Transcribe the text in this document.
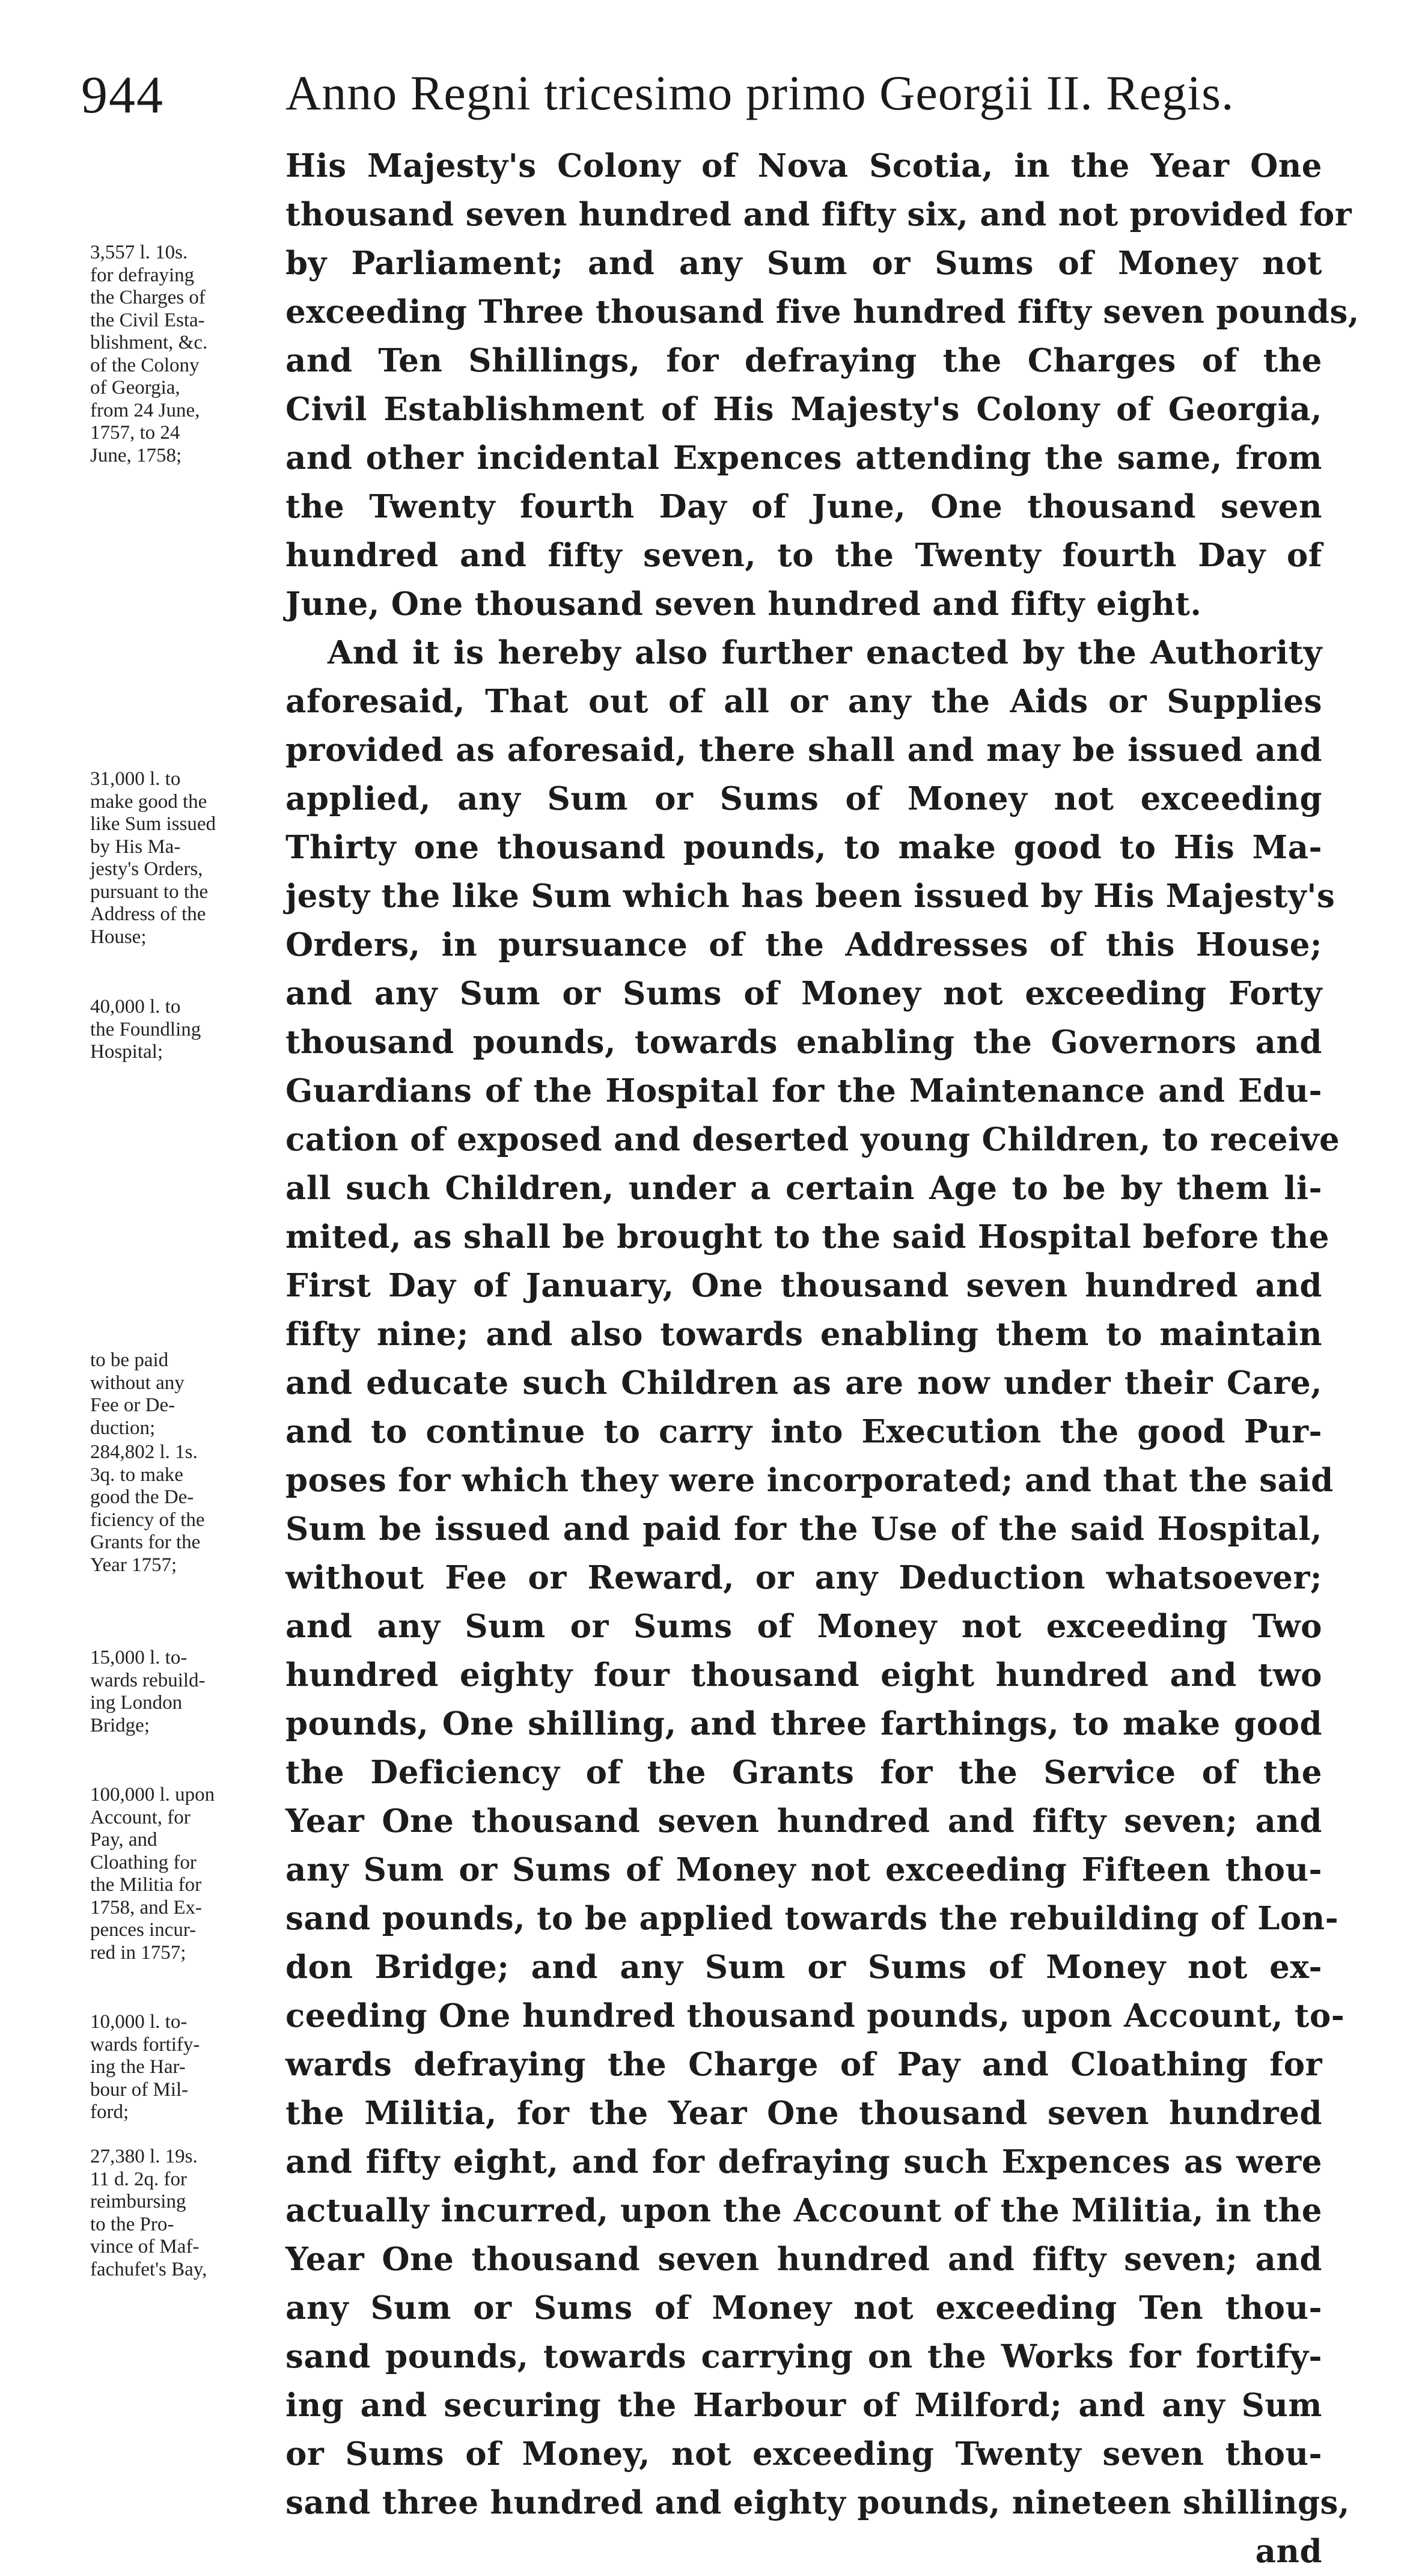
944 Anno Regni tricesimo primo Georgii II. Regis.
3,557 l. 10s.
for defraying
the Charges of
the Civil Esta-
blishment, &c.
of the Colony
of Georgia,
from 24 June,
1757, to 24
June, 1758;
31,000 l. to
make good the
like Sum issued
by His Ma-
jesty's Orders,
pursuant to the
Address of the
House;
40,000 l. to
the Foundling
Hospital;
to be paid
without any
Fee or De-
duction;
284,802 l. 1s.
3q. to make
good the De-
ficiency of the
Grants for the
Year 1757;
15,000 l. to-
wards rebuild-
ing London
Bridge;
100,000 l. upon
Account, for
Pay, and
Cloathing for
the Militia for
1758, and Ex-
pences incur-
red in 1757;
10,000 l. to-
wards fortify-
ing the Har-
bour of Mil-
ford;
27,380 l. 19s.
11 d. 2q. for
reimbursing
to the Pro-
vince of Maf-
fachufet's Bay,
His Majesty's Colony of Nova Scotia, in the Year One
thousand seven hundred and fifty six, and not provided for
by Parliament; and any Sum or Sums of Money not
exceeding Three thousand five hundred fifty seven pounds,
and Ten Shillings, for defraying the Charges of the
Civil Establishment of His Majesty's Colony of Georgia,
and other incidental Expences attending the same, from
the Twenty fourth Day of June, One thousand seven
hundred and fifty seven, to the Twenty fourth Day of
June, One thousand seven hundred and fifty eight.
And it is hereby also further enacted by the Authority
aforesaid, That out of all or any the Aids or Supplies
provided as aforesaid, there shall and may be issued and
applied, any Sum or Sums of Money not exceeding
Thirty one thousand pounds, to make good to His Ma-
jesty the like Sum which has been issued by His Majesty's
Orders, in pursuance of the Addresses of this House;
and any Sum or Sums of Money not exceeding Forty
thousand pounds, towards enabling the Governors and
Guardians of the Hospital for the Maintenance and Edu-
cation of exposed and deserted young Children, to receive
all such Children, under a certain Age to be by them li-
mited, as shall be brought to the said Hospital before the
First Day of January, One thousand seven hundred and
fifty nine; and also towards enabling them to maintain
and educate such Children as are now under their Care,
and to continue to carry into Execution the good Pur-
poses for which they were incorporated; and that the said
Sum be issued and paid for the Use of the said Hospital,
without Fee or Reward, or any Deduction whatsoever;
and any Sum or Sums of Money not exceeding Two
hundred eighty four thousand eight hundred and two
pounds, One shilling, and three farthings, to make good
the Deficiency of the Grants for the Service of the
Year One thousand seven hundred and fifty seven; and
any Sum or Sums of Money not exceeding Fifteen thou-
sand pounds, to be applied towards the rebuilding of Lon-
don Bridge; and any Sum or Sums of Money not ex-
ceeding One hundred thousand pounds, upon Account, to-
wards defraying the Charge of Pay and Cloathing for
the Militia, for the Year One thousand seven hundred
and fifty eight, and for defraying such Expences as were
actually incurred, upon the Account of the Militia, in the
Year One thousand seven hundred and fifty seven; and
any Sum or Sums of Money not exceeding Ten thou-
sand pounds, towards carrying on the Works for fortify-
ing and securing the Harbour of Milford; and any Sum
or Sums of Money, not exceeding Twenty seven thou-
sand three hundred and eighty pounds, nineteen shillings,
and
